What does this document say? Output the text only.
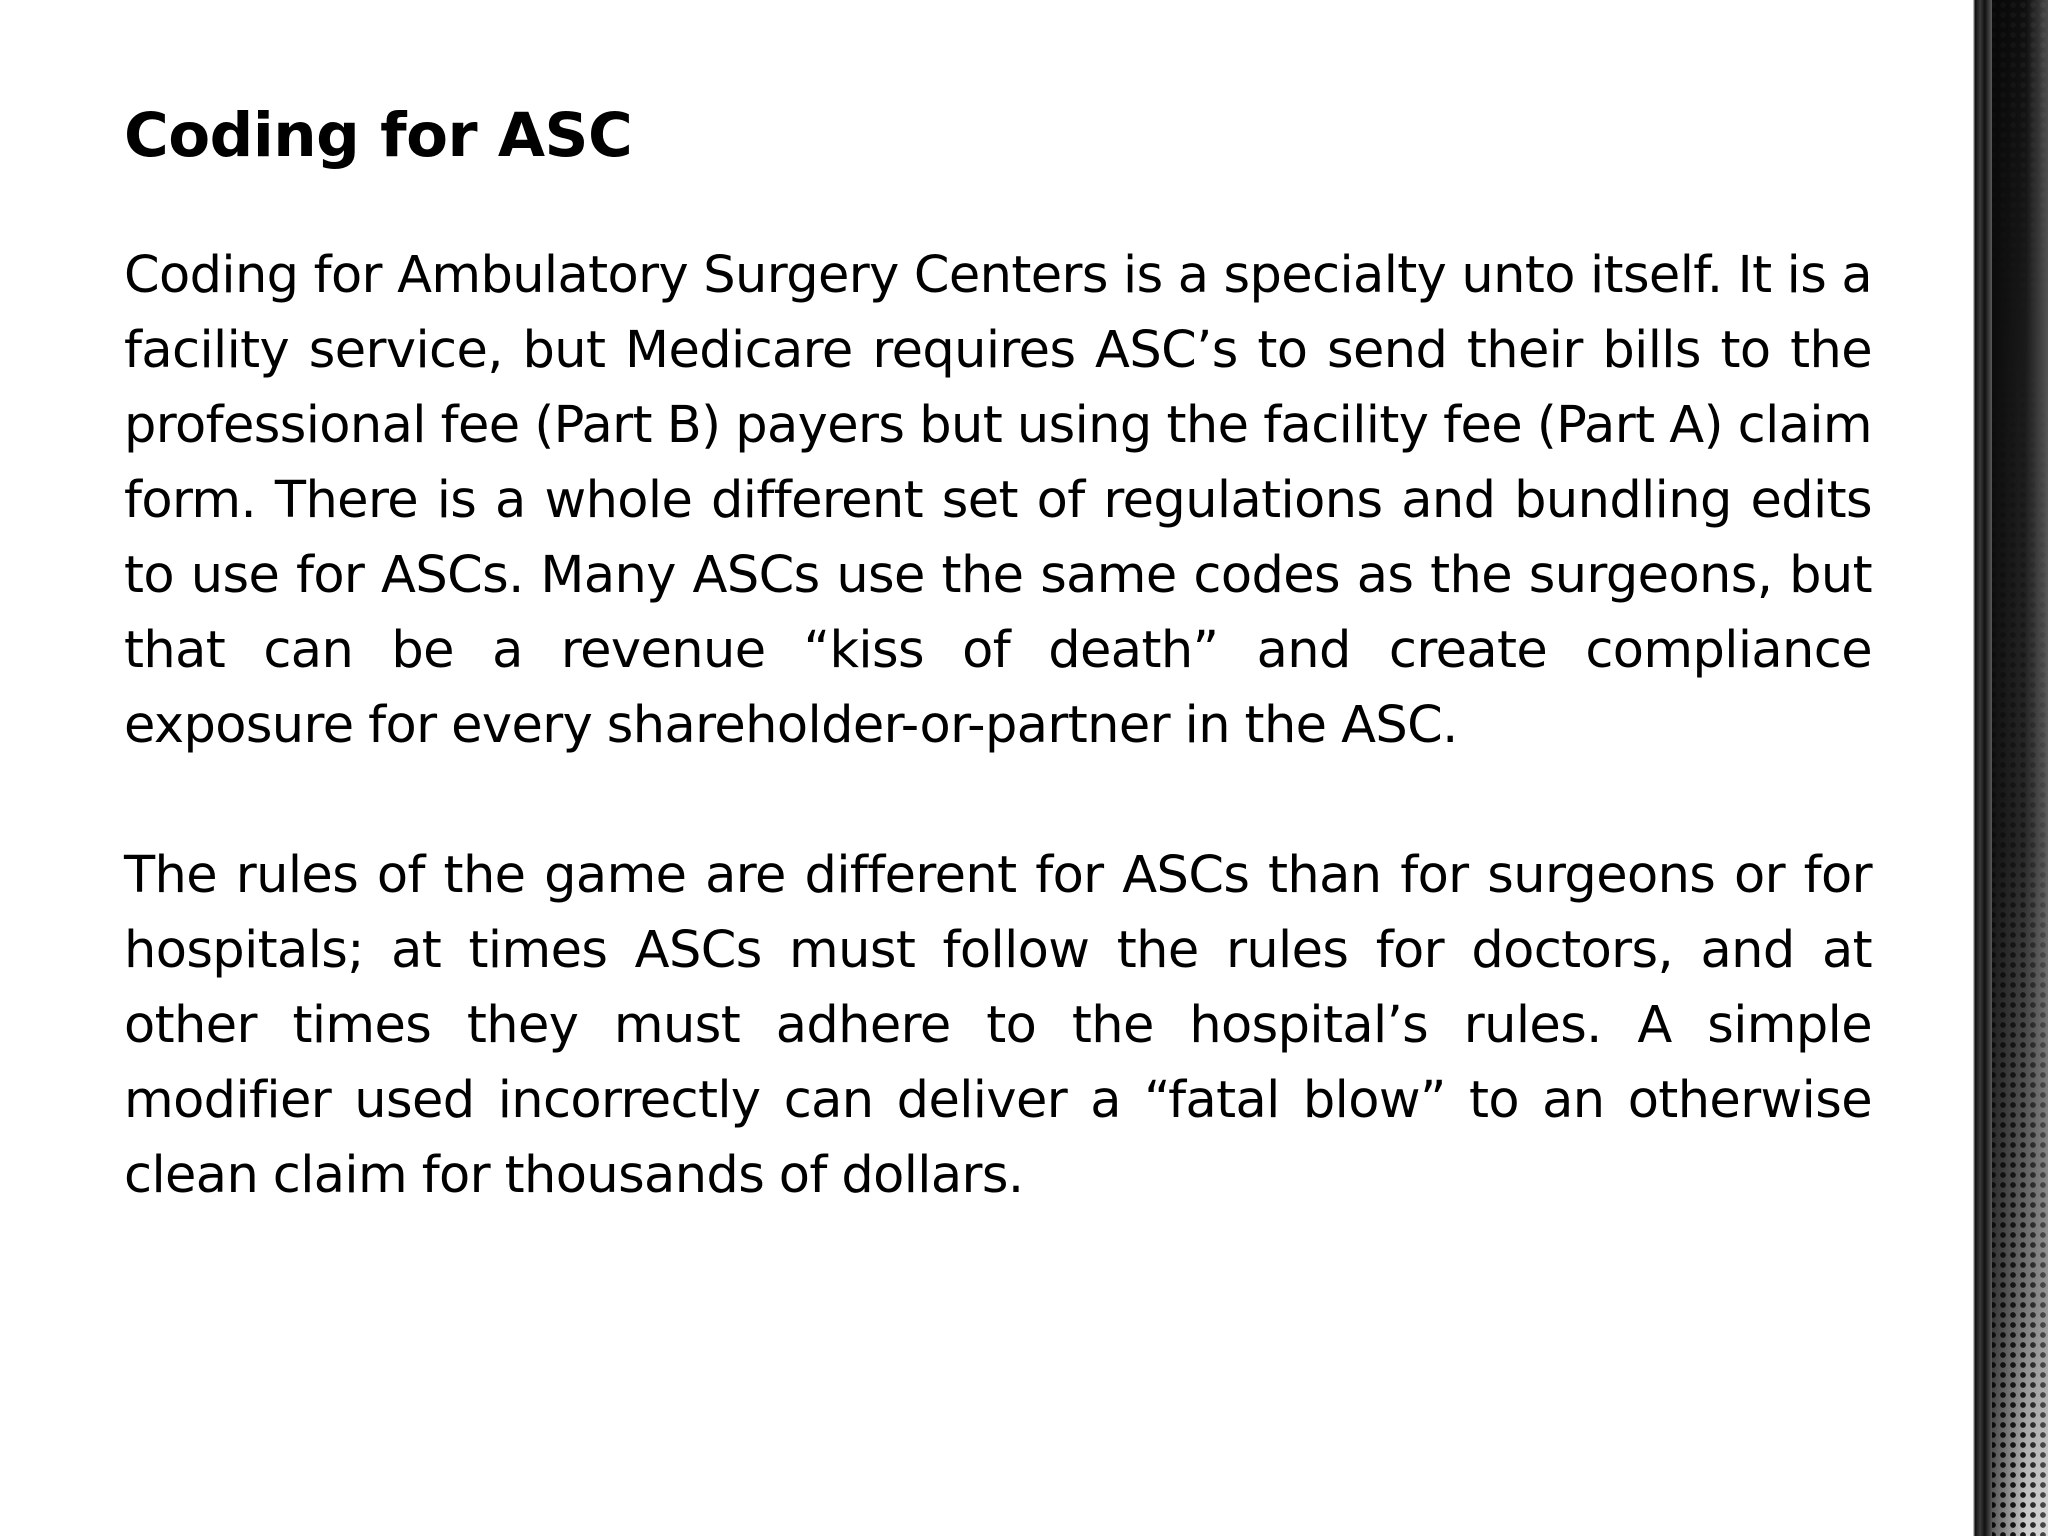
Coding for ASC

Coding for Ambulatory Surgery Centers is a specialty unto itself. It is a facility service, but Medicare requires ASC’s to send their bills to the professional fee (Part B) payers but using the facility fee (Part A) claim form. There is a whole different set of regulations and bundling edits to use for ASCs. Many ASCs use the same codes as the surgeons, but that can be a revenue “kiss of death” and create compliance exposure for every shareholder-or-partner in the ASC.

The rules of the game are different for ASCs than for surgeons or for hospitals; at times ASCs must follow the rules for doctors, and at other times they must adhere to the hospital’s rules. A simple modifier used incorrectly can deliver a “fatal blow” to an otherwise clean claim for thousands of dollars.
